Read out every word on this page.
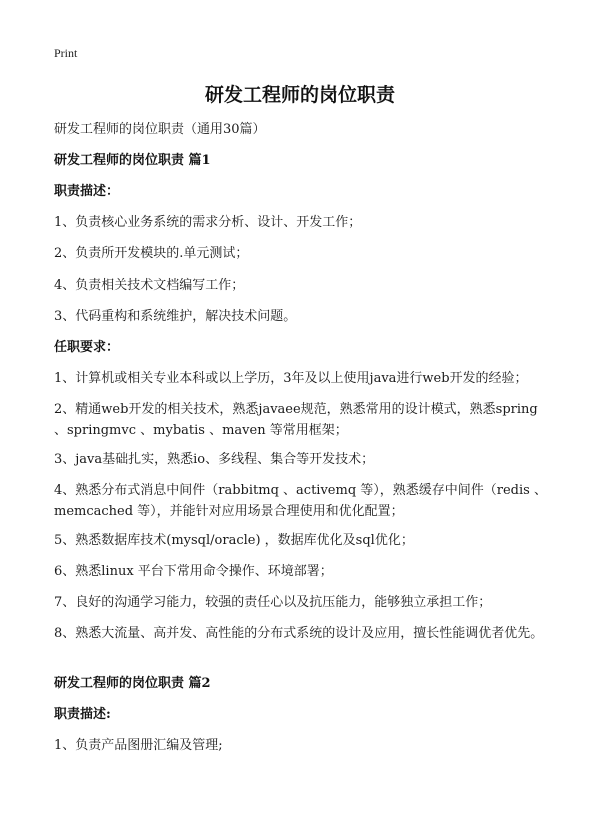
Print
研发工程师的岗位职责
研发工程师的岗位职责（通用30篇）
研发工程师的岗位职责 篇1
职责描述：
1、负责核心业务系统的需求分析、设计、开发工作；
2、负责所开发模块的.单元测试；
4、负责相关技术文档编写工作；
3、代码重构和系统维护，解决技术问题。
任职要求：
1、计算机或相关专业本科或以上学历，3年及以上使用java进行web开发的经验；
2、精通web开发的相关技术，熟悉javaee规范，熟悉常用的设计模式，熟悉spring 、springmvc 、mybatis 、maven 等常用框架；
3、java基础扎实，熟悉io、多线程、集合等开发技术；
4、熟悉分布式消息中间件（rabbitmq 、activemq 等），熟悉缓存中间件（redis 、memcached 等），并能针对应用场景合理使用和优化配置；
5、熟悉数据库技术(mysql/oracle) ，数据库优化及sql优化；
6、熟悉linux 平台下常用命令操作、环境部署；
7、良好的沟通学习能力，较强的责任心以及抗压能力，能够独立承担工作；
8、熟悉大流量、高并发、高性能的分布式系统的设计及应用，擅长性能调优者优先。
研发工程师的岗位职责 篇2
职责描述:
1、负责产品图册汇编及管理;
